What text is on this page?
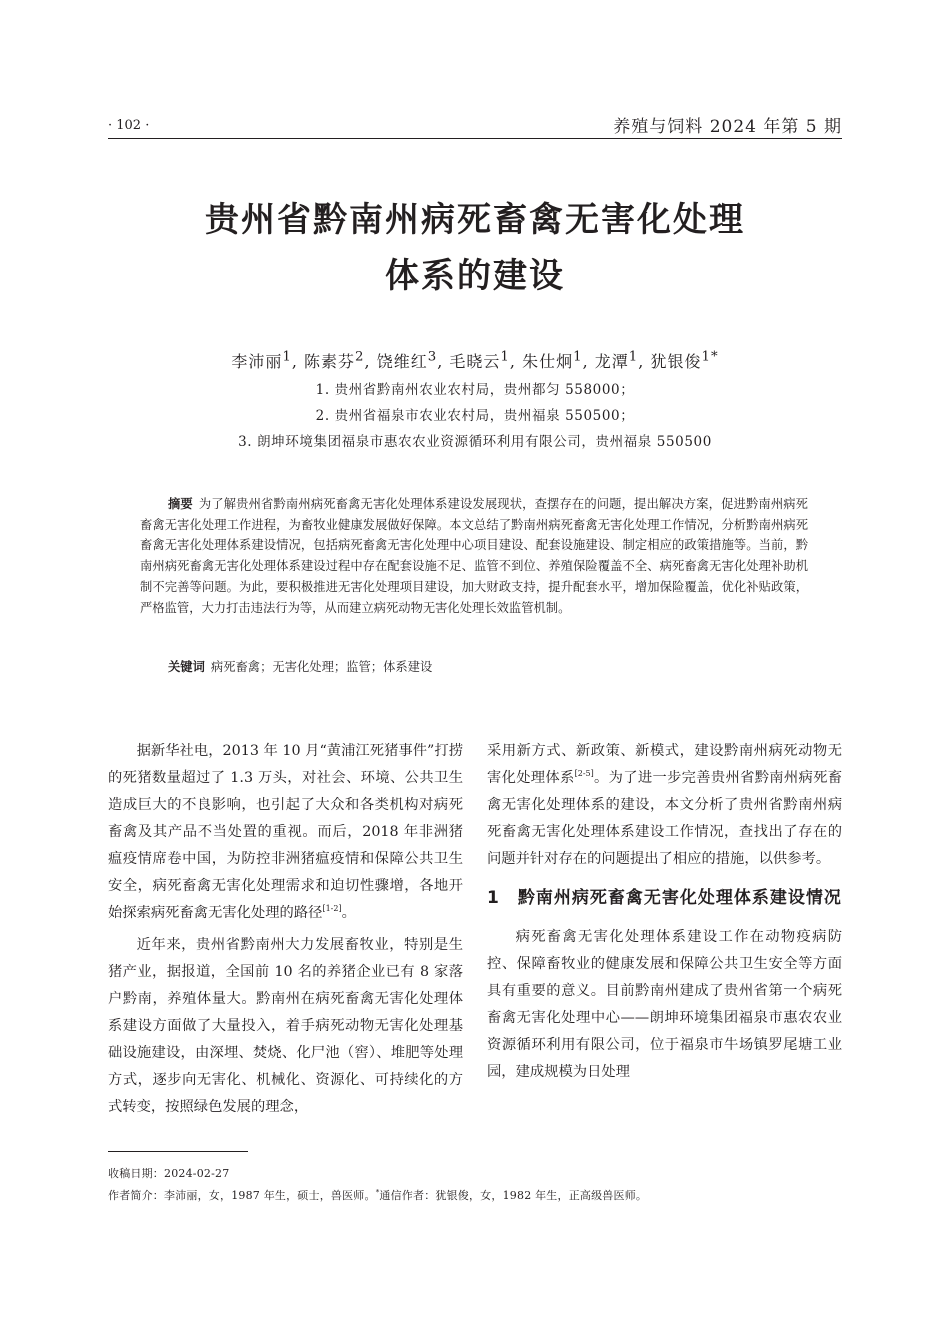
· 102 ·	养殖与饲料 2024 年第 5 期
贵州省黔南州病死畜禽无害化处理
体系的建设
李沛丽$^1$, 陈素芬$^2$, 饶维红$^3$, 毛晓云$^1$, 朱仕炯$^1$, 龙潭$^1$, 犹银俊$^{1*}$
1. 贵州省黔南州农业农村局，贵州都匀 558000；
2. 贵州省福泉市农业农村局，贵州福泉 550500；
3. 朗坤环境集团福泉市惠农农业资源循环利用有限公司，贵州福泉 550500
摘要 为了解贵州省黔南州病死畜禽无害化处理体系建设发展现状，查摆存在的问题，提出解决方案，促进黔南州病死畜禽无害化处理工作进程，为畜牧业健康发展做好保障。本文总结了黔南州病死畜禽无害化处理工作情况，分析黔南州病死畜禽无害化处理体系建设情况，包括病死畜禽无害化处理中心项目建设、配套设施建设、制定相应的政策措施等。当前，黔南州病死畜禽无害化处理体系建设过程中存在配套设施不足、监管不到位、养殖保险覆盖不全、病死畜禽无害化处理补助机制不完善等问题。为此，要积极推进无害化处理项目建设，加大财政支持，提升配套水平，增加保险覆盖，优化补贴政策，严格监管，大力打击违法行为等，从而建立病死动物无害化处理长效监管机制。
关键词 病死畜禽；无害化处理；监管；体系建设

据新华社电，2013 年 10 月“黄浦江死猪事件”打捞的死猪数量超过了 1.3 万头，对社会、环境、公共卫生造成巨大的不良影响，也引起了大众和各类机构对病死畜禽及其产品不当处置的重视。而后，2018 年非洲猪瘟疫情席卷中国，为防控非洲猪瘟疫情和保障公共卫生安全，病死畜禽无害化处理需求和迫切性骤增，各地开始探索病死畜禽无害化处理的路径[1-2]。

近年来，贵州省黔南州大力发展畜牧业，特别是生猪产业，据报道，全国前 10 名的养猪企业已有 8 家落户黔南，养殖体量大。黔南州在病死畜禽无害化处理体系建设方面做了大量投入，着手病死动物无害化处理基础设施建设，由深埋、焚烧、化尸池（窖）、堆肥等处理方式，逐步向无害化、机械化、资源化、可持续化的方式转变，按照绿色发展的理念，

采用新方式、新政策、新模式，建设黔南州病死动物无害化处理体系[2-5]。为了进一步完善贵州省黔南州病死畜禽无害化处理体系的建设，本文分析了贵州省黔南州病死畜禽无害化处理体系建设工作情况，查找出了存在的问题并针对存在的问题提出了相应的措施，以供参考。

1 黔南州病死畜禽无害化处理体系建设情况

病死畜禽无害化处理体系建设工作在动物疫病防控、保障畜牧业的健康发展和保障公共卫生安全等方面具有重要的意义。目前黔南州建成了贵州省第一个病死畜禽无害化处理中心——朗坤环境集团福泉市惠农农业资源循环利用有限公司，位于福泉市牛场镇罗尾塘工业园，建成规模为日处理

收稿日期：2024-02-27
作者简介：李沛丽，女，1987 年生，硕士，兽医师。*通信作者：犹银俊，女，1982 年生，正高级兽医师。
